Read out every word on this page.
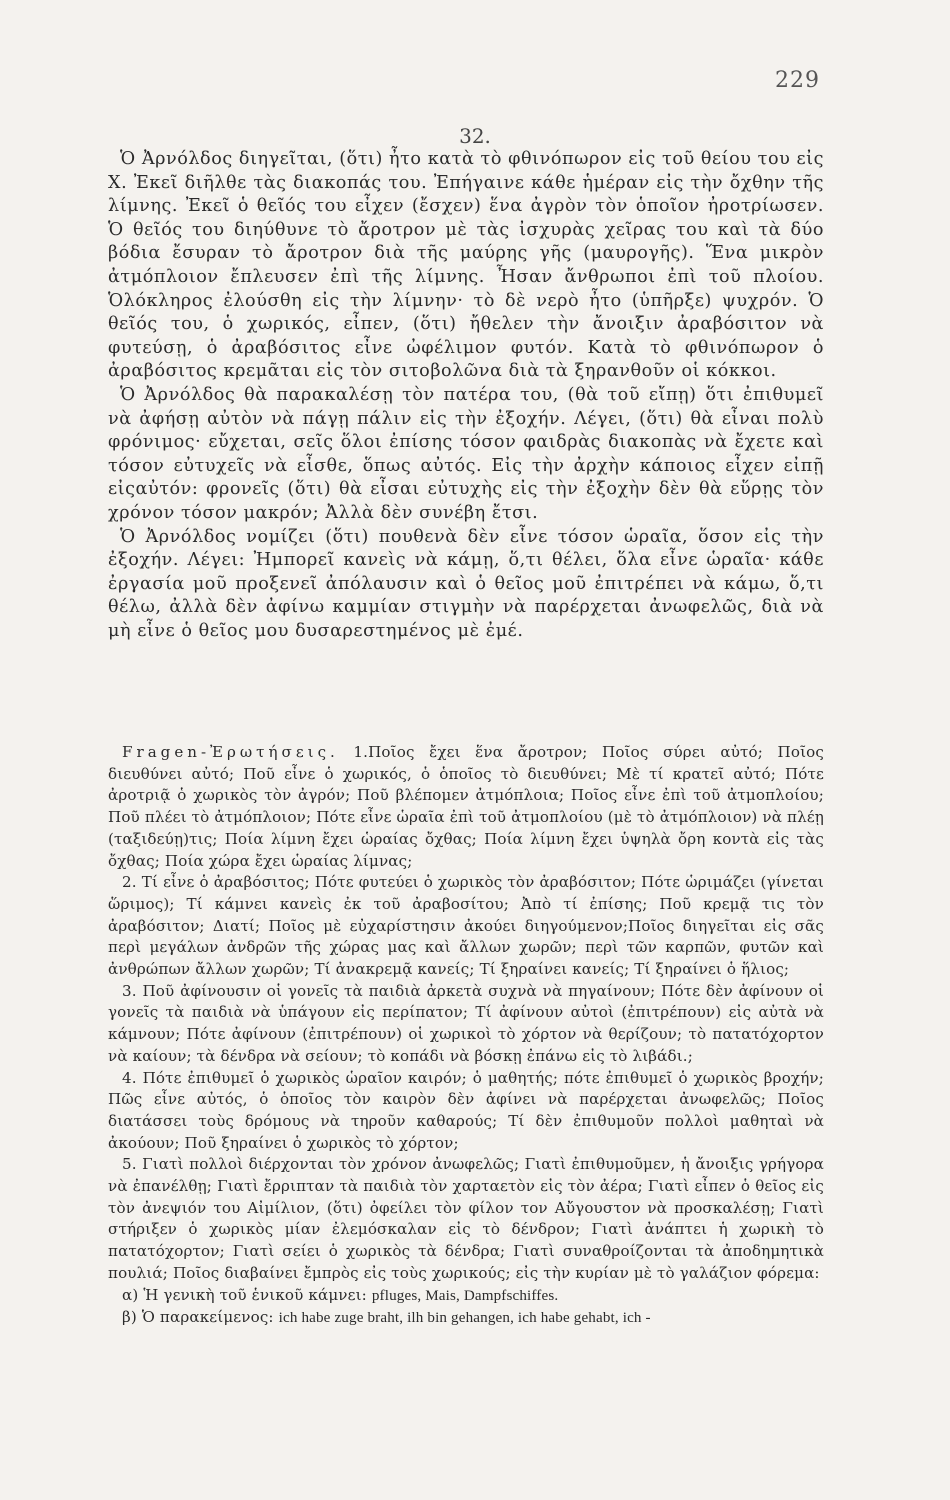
229
32.

Ὁ Ἀρνόλδος διηγεῖται, (ὅτι) ἦτο κατὰ τὸ φθινόπωρον εἰς τοῦ θείου του εἰς Χ. Ἐκεῖ διῆλθε τὰς διακοπάς του. Ἐπήγαινε κάθε ἡμέραν εἰς τὴν ὄχθην τῆς λίμνης. Ἐκεῖ ὁ θεῖός του εἶχεν (ἔσχεν) ἕνα ἀγρὸν τὸν ὁποῖον ἠροτρίωσεν. Ὁ θεῖός του διηύθυνε τὸ ἄροτρον μὲ τὰς ἰσχυρὰς χεῖρας του καὶ τὰ δύο βόδια ἔσυραν τὸ ἄροτρον διὰ τῆς μαύρης γῆς (μαυρογῆς). Ἕνα μικρὸν ἀτμόπλοιον ἔπλευσεν ἐπὶ τῆς λίμνης. Ἦσαν ἄνθρωποι ἐπὶ τοῦ πλοίου. Ὁλόκληρος ἐλούσθη εἰς τὴν λίμνην· τὸ δὲ νερὸ ἦτο (ὑπῆρξε) ψυχρόν. Ὁ θεῖός του, ὁ χωρικός, εἶπεν, (ὅτι) ἤθελεν τὴν ἄνοιξιν ἀραβόσιτον νὰ φυτεύσῃ, ὁ ἀραβόσιτος εἶνε ὠφέλιμον φυτόν. Κατὰ τὸ φθινόπωρον ὁ ἀραβόσιτος κρεμᾶται εἰς τὸν σιτοβολῶνα διὰ τὰ ξηρανθοῦν οἱ κόκκοι.

Ὁ Ἀρνόλδος θὰ παρακαλέσῃ τὸν πατέρα του, (θὰ τοῦ εἴπῃ) ὅτι ἐπιθυμεῖ νὰ ἀφήσῃ αὐτὸν νὰ πάγῃ πάλιν εἰς τὴν ἐξοχήν. Λέγει, (ὅτι) θὰ εἶναι πολὺ φρόνιμος· εὔχεται, σεῖς ὅλοι ἐπίσης τόσον φαιδρὰς διακοπὰς νὰ ἔχετε καὶ τόσον εὐτυχεῖς νὰ εἶσθε, ὅπως αὐτός. Εἰς τὴν ἀρχὴν κάποιος εἶχεν εἰπῇ εἰςαὐτόν: φρονεῖς (ὅτι) θὰ εἶσαι εὐτυχὴς εἰς τὴν ἐξοχὴν δὲν θὰ εὕρῃς τὸν χρόνον τόσον μακρόν; Ἀλλὰ δὲν συνέβη ἔτσι.

Ὁ Ἀρνόλδος νομίζει (ὅτι) πουθενὰ δὲν εἶνε τόσον ὡραῖα, ὅσον εἰς τὴν ἐξοχήν. Λέγει: Ἠμπορεῖ κανεὶς νὰ κάμῃ, ὅ,τι θέλει, ὅλα εἶνε ὡραῖα· κάθε ἐργασία μοῦ προξενεῖ ἀπόλαυσιν καὶ ὁ θεῖος μοῦ ἐπιτρέπει νὰ κάμω, ὅ,τι θέλω, ἀλλὰ δὲν ἀφίνω καμμίαν στιγμὴν νὰ παρέρχεται ἀνωφελῶς, διὰ νὰ μὴ εἶνε ὁ θεῖος μου δυσαρεστημένος μὲ ἐμέ.

Fragen-Ἐρωτήσεις. 1.Ποῖος ἔχει ἕνα ἄροτρον; Ποῖος σύρει αὐτό; Ποῖος διευθύνει αὐτό; Ποῦ εἶνε ὁ χωρικός, ὁ ὁποῖος τὸ διευθύνει; Μὲ τί κρατεῖ αὐτό; Πότε ἀροτριᾷ ὁ χωρικὸς τὸν ἀγρόν; Ποῦ βλέπομεν ἀτμόπλοια; Ποῖος εἶνε ἐπὶ τοῦ ἀτμοπλοίου; Ποῦ πλέει τὸ ἀτμόπλοιον; Πότε εἶνε ὡραῖα ἐπὶ τοῦ ἀτμοπλοίου (μὲ τὸ ἀτμόπλοιον) νὰ πλέῃ (ταξιδεύῃ)τις; Ποία λίμνη ἔχει ὡραίας ὄχθας; Ποία λίμνη ἔχει ὑψηλὰ ὄρη κοντὰ εἰς τὰς ὄχθας; Ποία χώρα ἔχει ὡραίας λίμνας;

2. Τί εἶνε ὁ ἀραβόσιτος; Πότε φυτεύει ὁ χωρικὸς τὸν ἀραβόσιτον; Πότε ὡριμάζει (γίνεται ὥριμος); Τί κάμνει κανεὶς ἐκ τοῦ ἀραβοσίτου; Ἀπὸ τί ἐπίσης; Ποῦ κρεμᾷ τις τὸν ἀραβόσιτον; Διατί; Ποῖος μὲ εὐχαρίστησιν ἀκούει διηγούμενον;Ποῖος διηγεῖται εἰς σᾶς περὶ μεγάλων ἀνδρῶν τῆς χώρας μας καὶ ἄλλων χωρῶν; περὶ τῶν καρπῶν, φυτῶν καὶ ἀνθρώπων ἄλλων χωρῶν; Τί ἀνακρεμᾷ κανείς; Τί ξηραίνει κανείς; Τί ξηραίνει ὁ ἥλιος;

3. Ποῦ ἀφίνουσιν οἱ γονεῖς τὰ παιδιὰ ἀρκετὰ συχνὰ νὰ πηγαίνουν; Πότε δὲν ἀφίνουν οἱ γονεῖς τὰ παιδιὰ νὰ ὑπάγουν εἰς περίπατον; Τί ἀφίνουν αὐτοὶ (ἐπιτρέπουν) εἰς αὐτὰ νὰ κάμνουν; Πότε ἀφίνουν (ἐπιτρέπουν) οἱ χωρικοὶ τὸ χόρτον νὰ θερίζουν; τὸ πατατόχορτον νὰ καίουν; τὰ δένδρα νὰ σείουν; τὸ κοπάδι νὰ βόσκῃ ἐπάνω εἰς τὸ λιβάδι.;

4. Πότε ἐπιθυμεῖ ὁ χωρικὸς ὡραῖον καιρόν; ὁ μαθητής; πότε ἐπιθυμεῖ ὁ χωρικὸς βροχήν; Πῶς εἶνε αὐτός, ὁ ὁποῖος τὸν καιρὸν δὲν ἀφίνει νὰ παρέρχεται ἀνωφελῶς; Ποῖος διατάσσει τοὺς δρόμους νὰ τηροῦν καθαρούς; Τί δὲν ἐπιθυμοῦν πολλοὶ μαθηταὶ νὰ ἀκούουν; Ποῦ ξηραίνει ὁ χωρικὸς τὸ χόρτον;

5. Γιατὶ πολλοὶ διέρχονται τὸν χρόνον ἀνωφελῶς; Γιατὶ ἐπιθυμοῦμεν, ἡ ἄνοιξις γρήγορα νὰ ἐπανέλθῃ; Γιατὶ ἔρριπταν τὰ παιδιὰ τὸν χαρταετὸν εἰς τὸν ἀέρα; Γιατὶ εἶπεν ὁ θεῖος εἰς τὸν ἀνεψιόν του Αἰμίλιον, (ὅτι) ὀφείλει τὸν φίλον τον Αὔγουστον νὰ προσκαλέσῃ; Γιατὶ στήριξεν ὁ χωρικὸς μίαν ἐλεμόσκαλαν εἰς τὸ δένδρον; Γιατὶ ἀνάπτει ἡ χωρικὴ τὸ πατατόχορτον; Γιατὶ σείει ὁ χωρικὸς τὰ δένδρα; Γιατὶ συναθροίζονται τὰ ἀποδημητικὰ πουλιά; Ποῖος διαβαίνει ἔμπρὸς εἰς τοὺς χωρικούς; εἰς τὴν κυρίαν μὲ τὸ γαλάζιον φόρεμα:

α) Ἡ γενικὴ τοῦ ἑνικοῦ κάμνει: pfluges, Mais, Dampfschiffes.

β) Ὁ παρακείμενος: ich habe zuge braht, ilh bin gehangen, ich habe gehabt, ich -
